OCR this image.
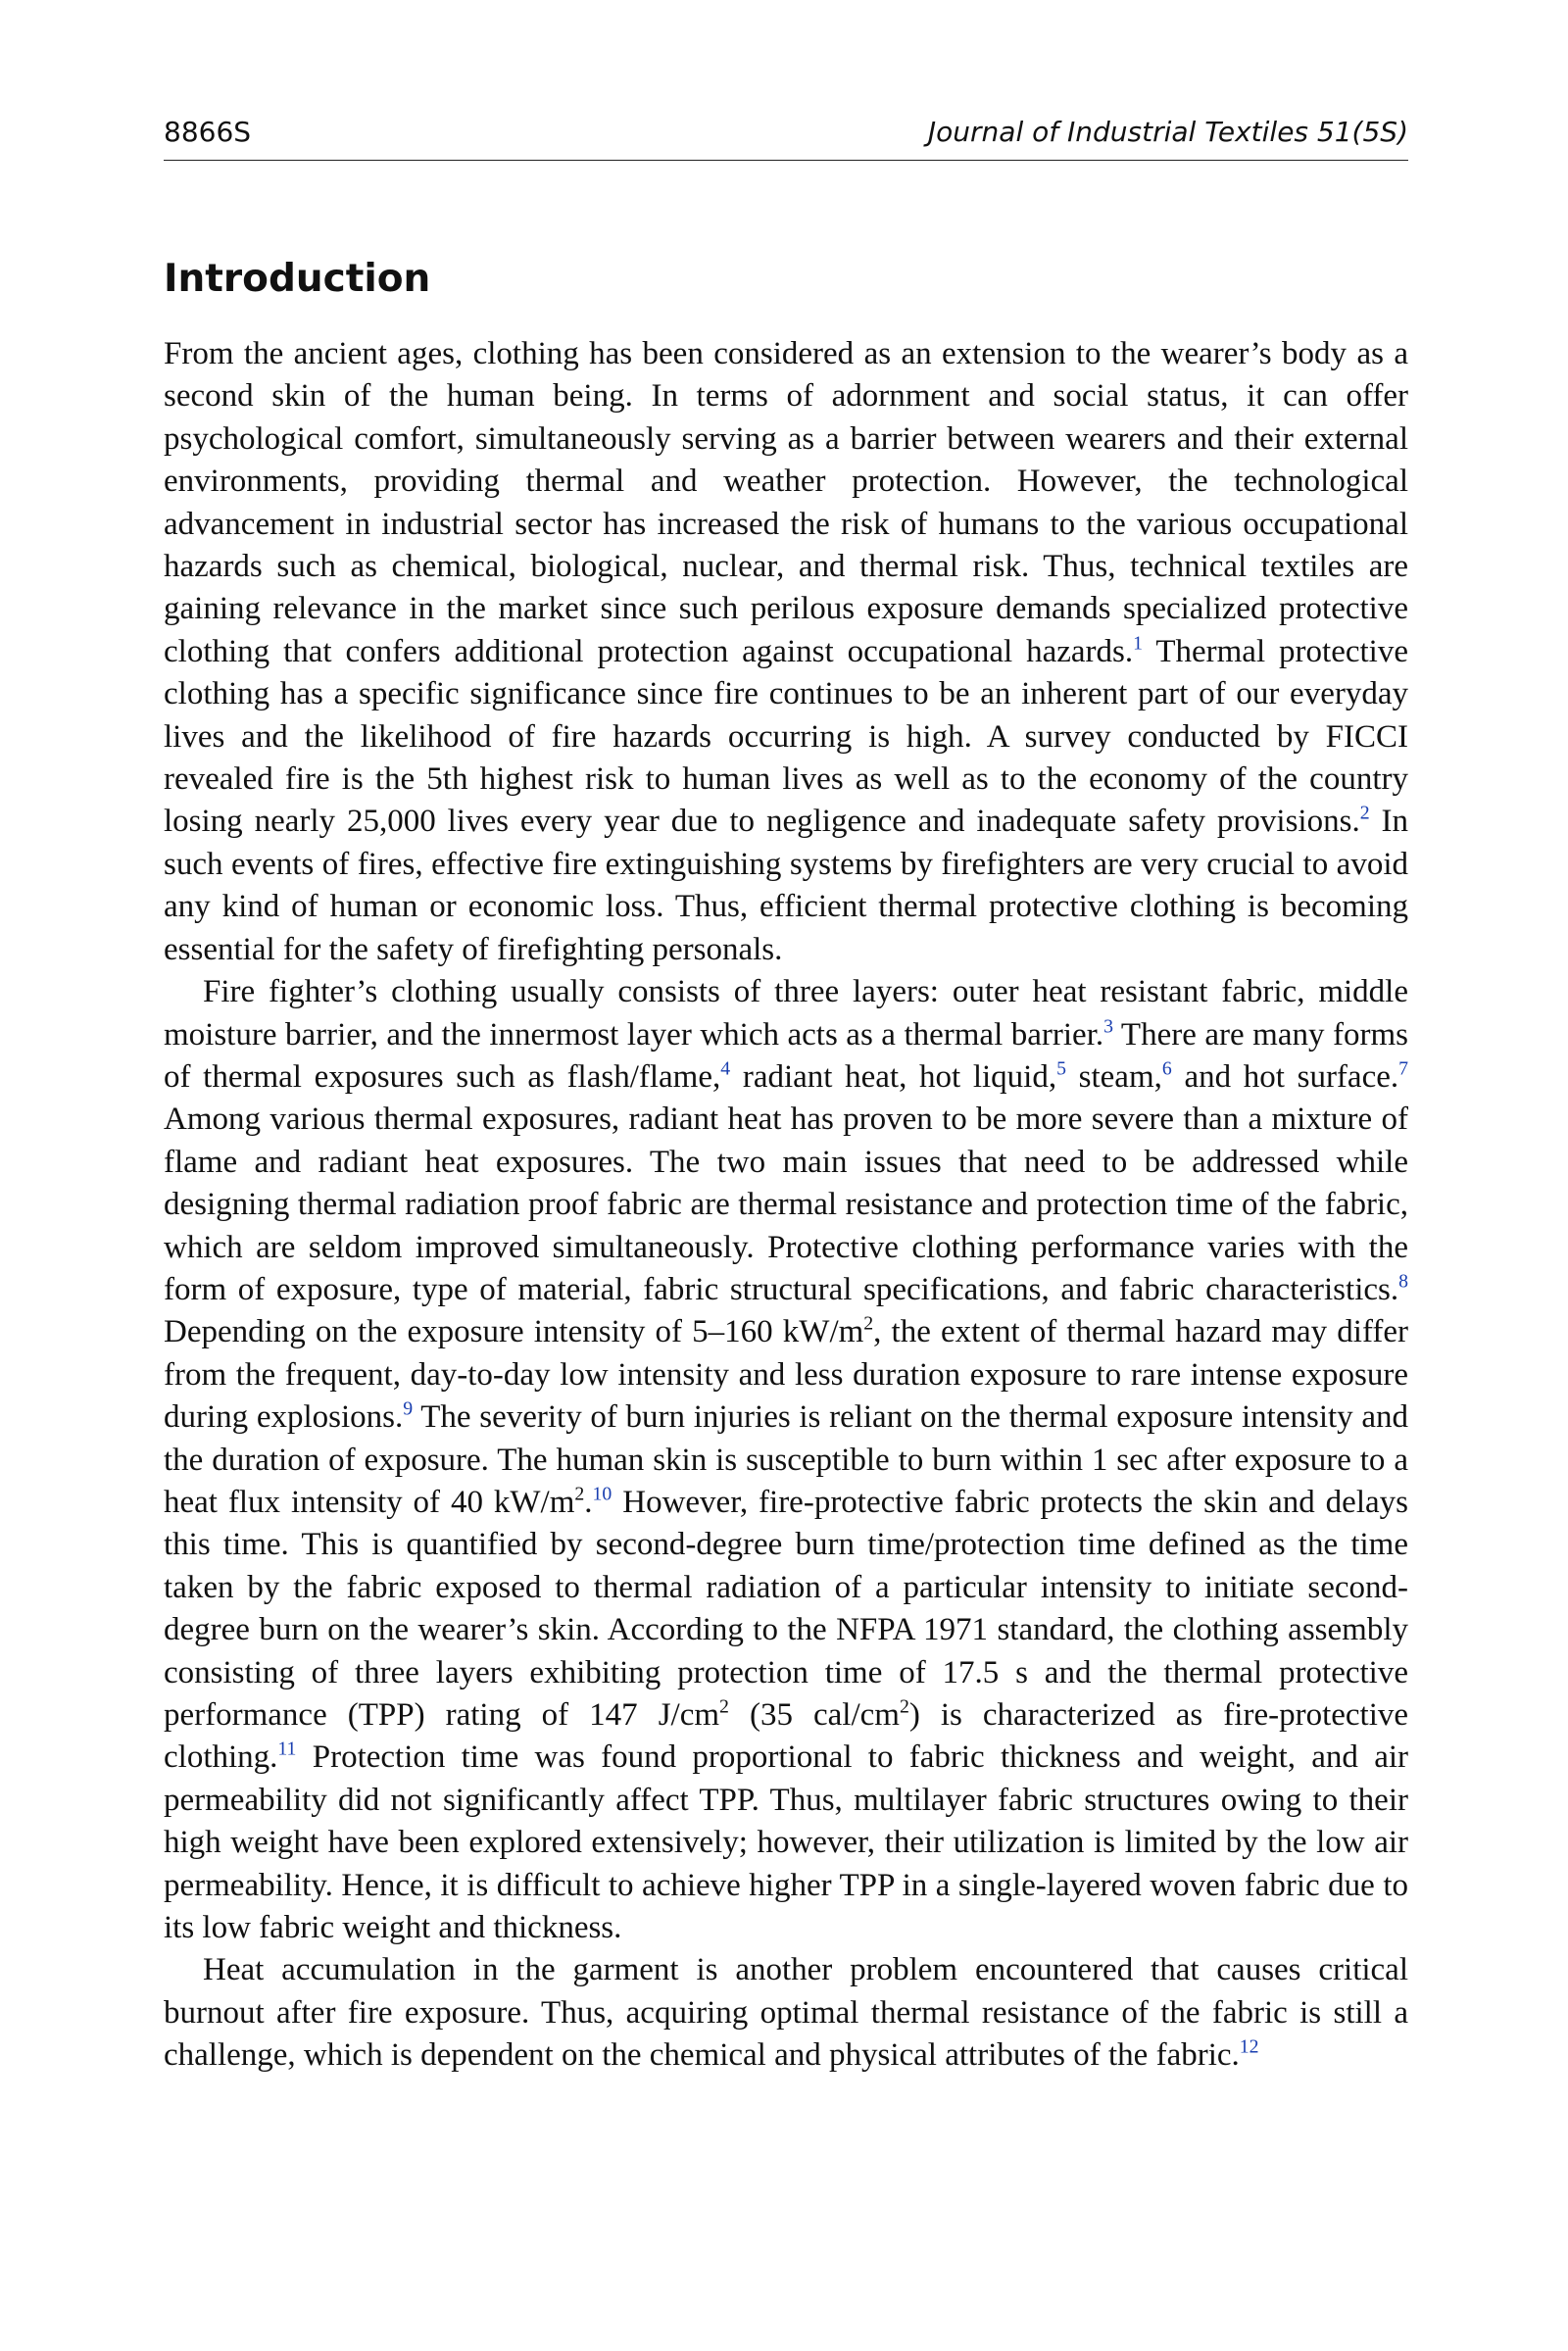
8866S	Journal of Industrial Textiles 51(5S)
Introduction

From the ancient ages, clothing has been considered as an extension to the wearer’s body as a second skin of the human being. In terms of adornment and social status, it can offer psychological comfort, simultaneously serving as a barrier between wearers and their external environments, providing thermal and weather protection. However, the technological advancement in industrial sector has increased the risk of humans to the various occupational hazards such as chemical, biological, nuclear, and thermal risk. Thus, technical textiles are gaining relevance in the market since such perilous exposure demands specialized protective clothing that confers additional protection against occupational hazards.$^1$ Thermal protective clothing has a specific significance since fire continues to be an inherent part of our everyday lives and the likelihood of fire hazards occurring is high. A survey conducted by FICCI revealed fire is the 5th highest risk to human lives as well as to the economy of the country losing nearly 25,000 lives every year due to negligence and inadequate safety provisions.$^2$ In such events of fires, effective fire extinguishing systems by firefighters are very crucial to avoid any kind of human or economic loss. Thus, efficient thermal protective clothing is becoming essential for the safety of firefighting personals.

Fire fighter’s clothing usually consists of three layers: outer heat resistant fabric, middle moisture barrier, and the innermost layer which acts as a thermal barrier.$^3$ There are many forms of thermal exposures such as flash/flame,$^4$ radiant heat, hot liquid,$^5$ steam,$^6$ and hot surface.$^7$ Among various thermal exposures, radiant heat has proven to be more severe than a mixture of flame and radiant heat exposures. The two main issues that need to be addressed while designing thermal radiation proof fabric are thermal resistance and protection time of the fabric, which are seldom improved simultaneously. Protective clothing performance varies with the form of exposure, type of material, fabric structural specifications, and fabric characteristics.$^8$ Depending on the exposure intensity of 5–160 $kW/m^2$, the extent of thermal hazard may differ from the frequent, day-to-day low intensity and less duration exposure to rare intense exposure during explosions.$^9$ The severity of burn injuries is reliant on the thermal exposure intensity and the duration of exposure. The human skin is susceptible to burn within 1 sec after exposure to a heat flux intensity of 40 $kW/m^2.^{10}$ However, fire-protective fabric protects the skin and delays this time. This is quantified by second-degree burn time/protection time defined as the time taken by the fabric exposed to thermal radiation of a particular intensity to initiate second-degree burn on the wearer’s skin. According to the NFPA 1971 standard, the clothing assembly consisting of three layers exhibiting protection time of 17.5 s and the thermal protective performance (TPP) rating of 147 $J/cm^2$ (35 cal/$cm^2$) is characterized as fire-protective clothing.$^{11}$ Protection time was found proportional to fabric thickness and weight, and air permeability did not significantly affect TPP. Thus, multilayer fabric structures owing to their high weight have been explored extensively; however, their utilization is limited by the low air permeability. Hence, it is difficult to achieve higher TPP in a single-layered woven fabric due to its low fabric weight and thickness.

Heat accumulation in the garment is another problem encountered that causes critical burnout after fire exposure. Thus, acquiring optimal thermal resistance of the fabric is still a challenge, which is dependent on the chemical and physical attributes of the fabric.$^{12}$
